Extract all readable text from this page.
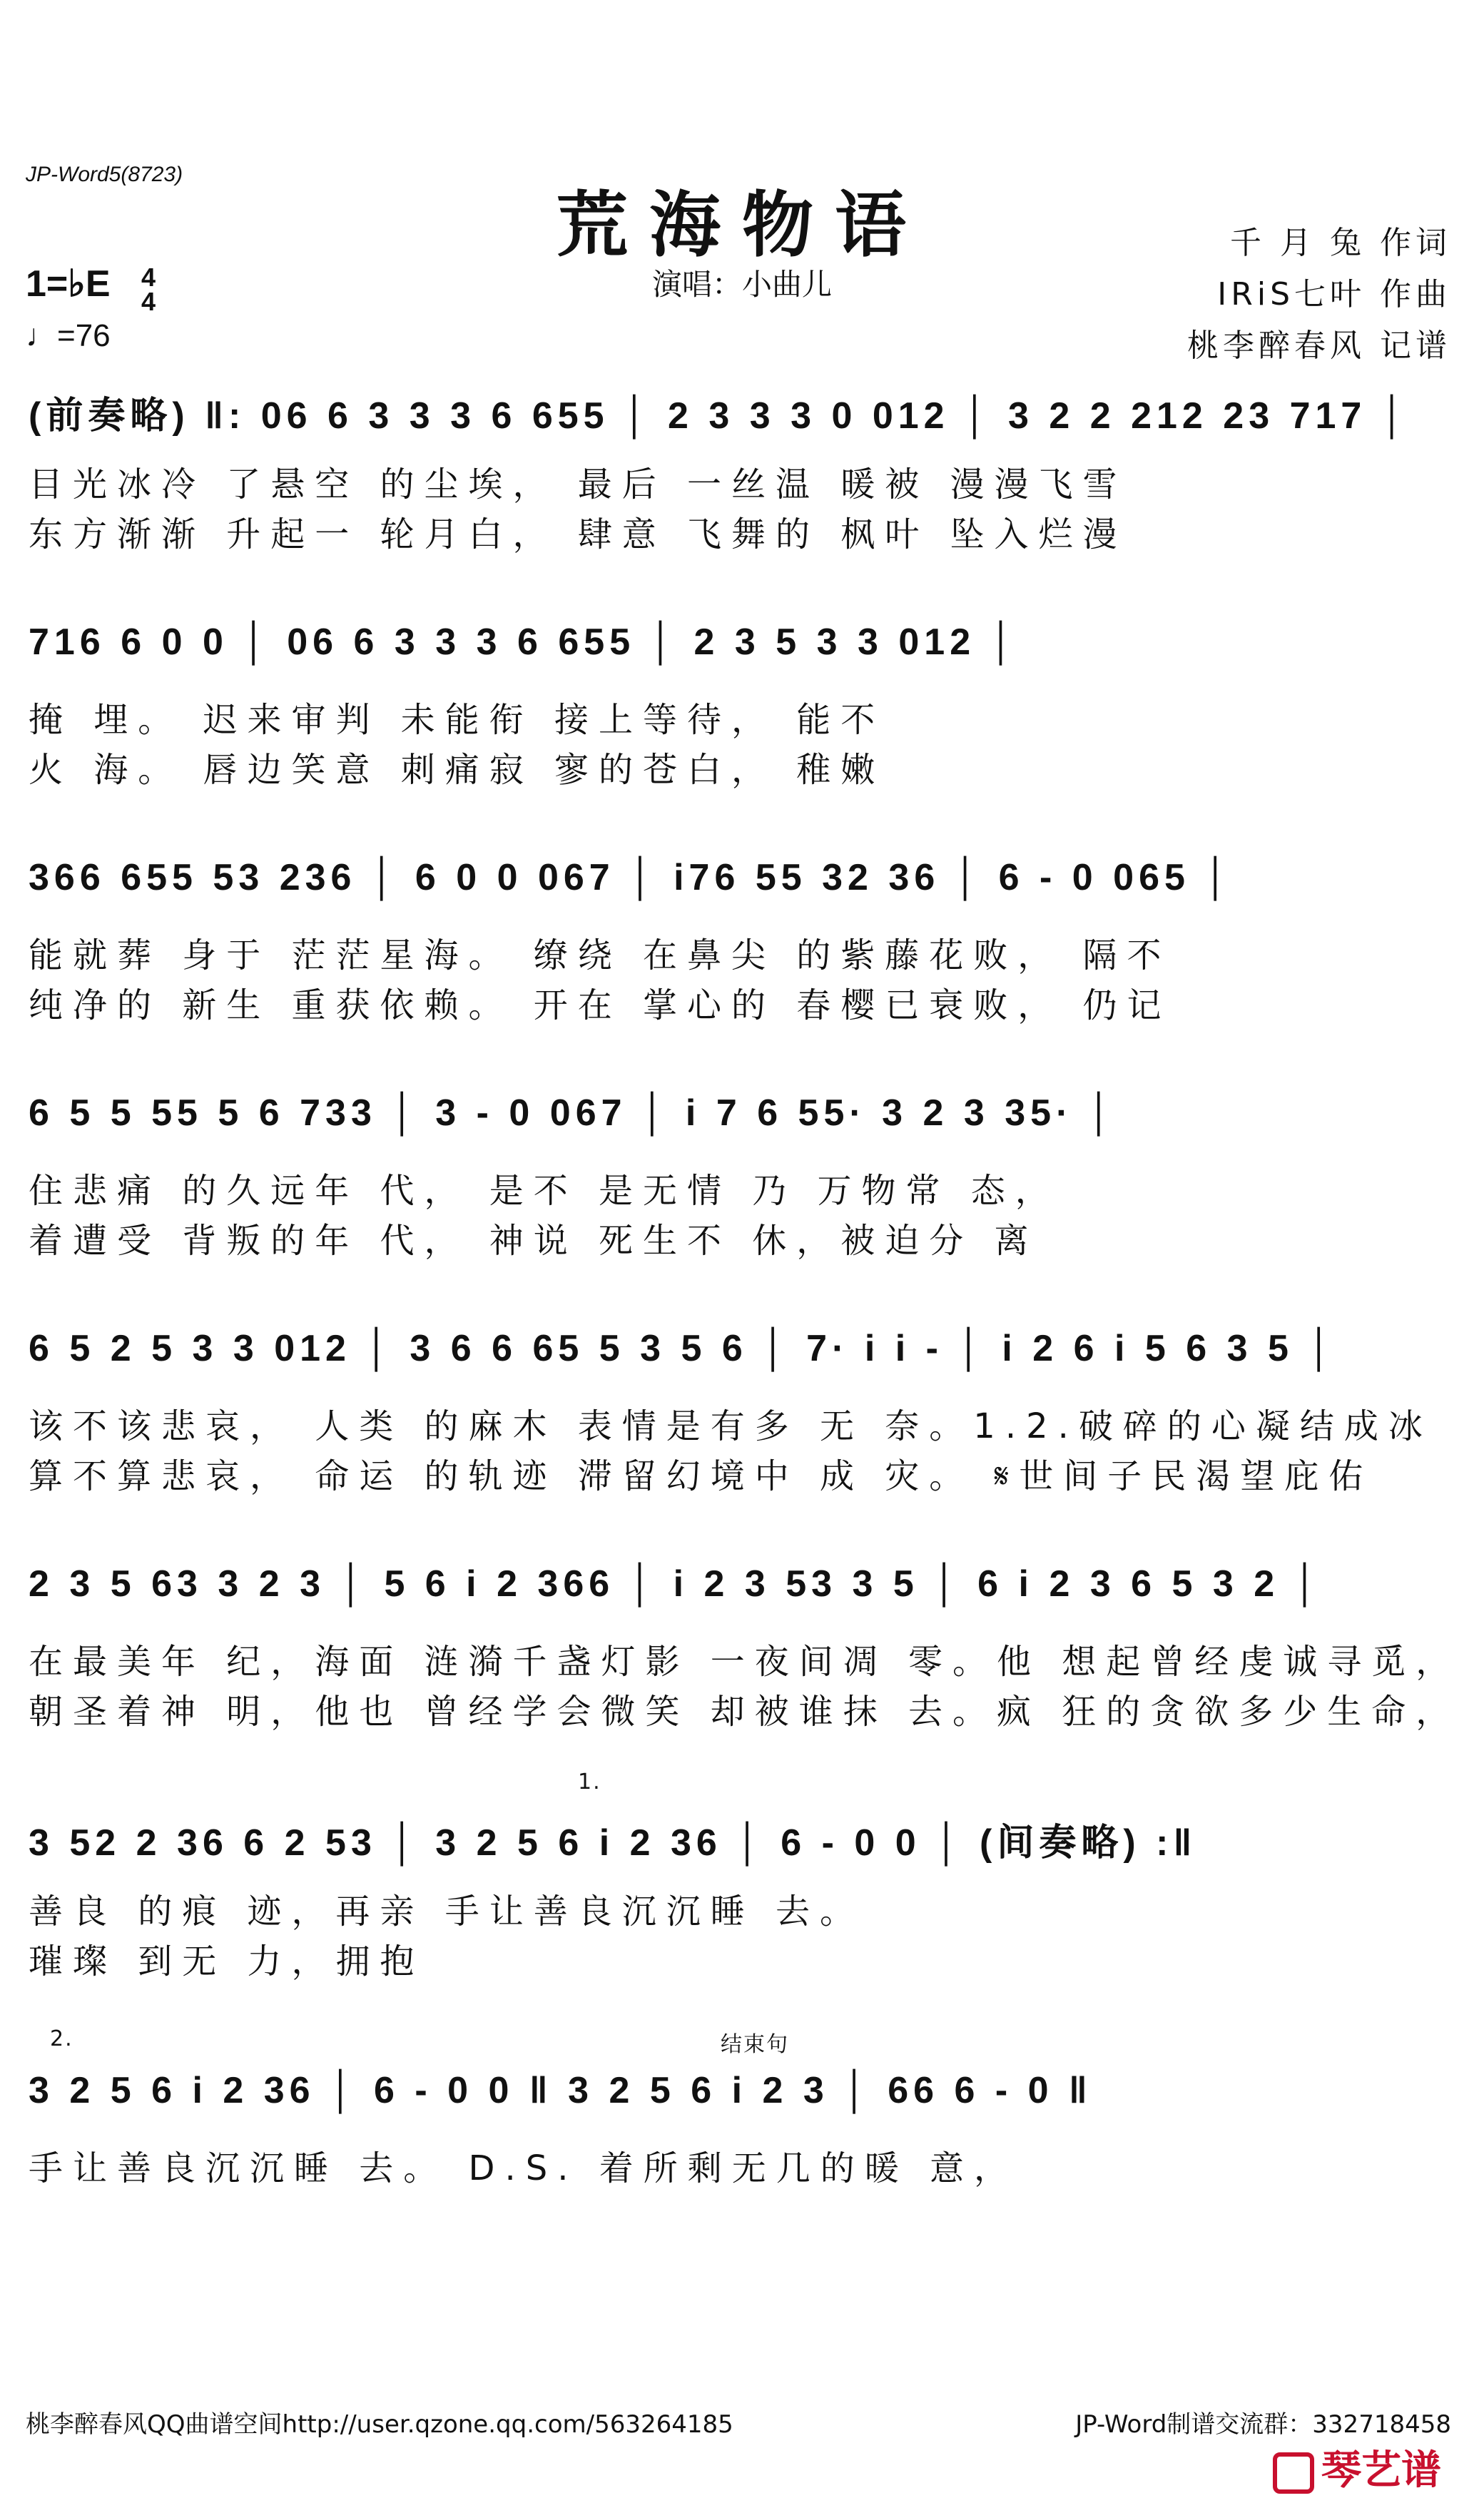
JP-Word5(8723)
荒海物语
演唱：小曲儿
千 月 兔 作词
IRiS七叶 作曲
桃李醉春风 记谱
1=♭E 4
4
♩=76
(前奏略) ‖: 06 6 3 3 3 6 655 │ 2 3 3 3 0 012 │ 3 2 2 212 23 717 │
目光冰冷 了悬空 的尘埃， 最后 一丝温 暖被 漫漫飞雪
东方渐渐 升起一 轮月白， 肆意 飞舞的 枫叶 坠入烂漫
716 6 0 0 │ 06 6 3 3 3 6 655 │ 2 3 5 3 3 012 │
掩 埋。 迟来审判 未能衔 接上等待， 能不
火 海。 唇边笑意 刺痛寂 寥的苍白， 稚嫩
366 655 53 236 │ 6 0 0 067 │ i76 55 32 36 │ 6 - 0 065 │
能就葬 身于 茫茫星海。 缭绕 在鼻尖 的紫藤花败， 隔不
纯净的 新生 重获依赖。 开在 掌心的 春樱已衰败， 仍记
6 5 5 55 5 6 733 │ 3 - 0 067 │ i 7 6 55· 3 2 3 35· │
住悲痛 的久远年 代， 是不 是无情 乃 万物常 态，
着遭受 背叛的年 代， 神说 死生不 休，被迫分 离
6 5 2 5 3 3 012 │ 3 6 6 65 5 3 5 6 │ 7· i i - │ i 2 6 i 5 6 3 5 │
该不该悲哀， 人类 的麻木 表情是有多 无 奈。1.2.破碎的心凝结成冰
算不算悲哀， 命运 的轨迹 滞留幻境中 成 灾。 𝄋世间子民渴望庇佑
2 3 5 63 3 2 3 │ 5 6 i 2 366 │ i 2 3 53 3 5 │ 6 i 2 3 6 5 3 2 │
在最美年 纪，海面 涟漪千盏灯影 一夜间凋 零。他 想起曾经虔诚寻觅，
朝圣着神 明，他也 曾经学会微笑 却被谁抹 去。疯 狂的贪欲多少生命，
1.
3 52 2 36 6 2 53 │ 3 2 5 6 i 2 36 │ 6 - 0 0 │ (间奏略) :‖
善良 的痕 迹，再亲 手让善良沉沉睡 去。
璀璨 到无 力，拥抱
2.	结束句
3 2 5 6 i 2 36 │ 6 - 0 0 ‖ 3 2 5 6 i 2 3 │ 66 6 - 0 ‖
手让善良沉沉睡 去。 D.S. 着所剩无几的暖 意，
桃李醉春风QQ曲谱空间http://user.qzone.qq.com/563264185	JP-Word制谱交流群：332718458
琴艺谱
